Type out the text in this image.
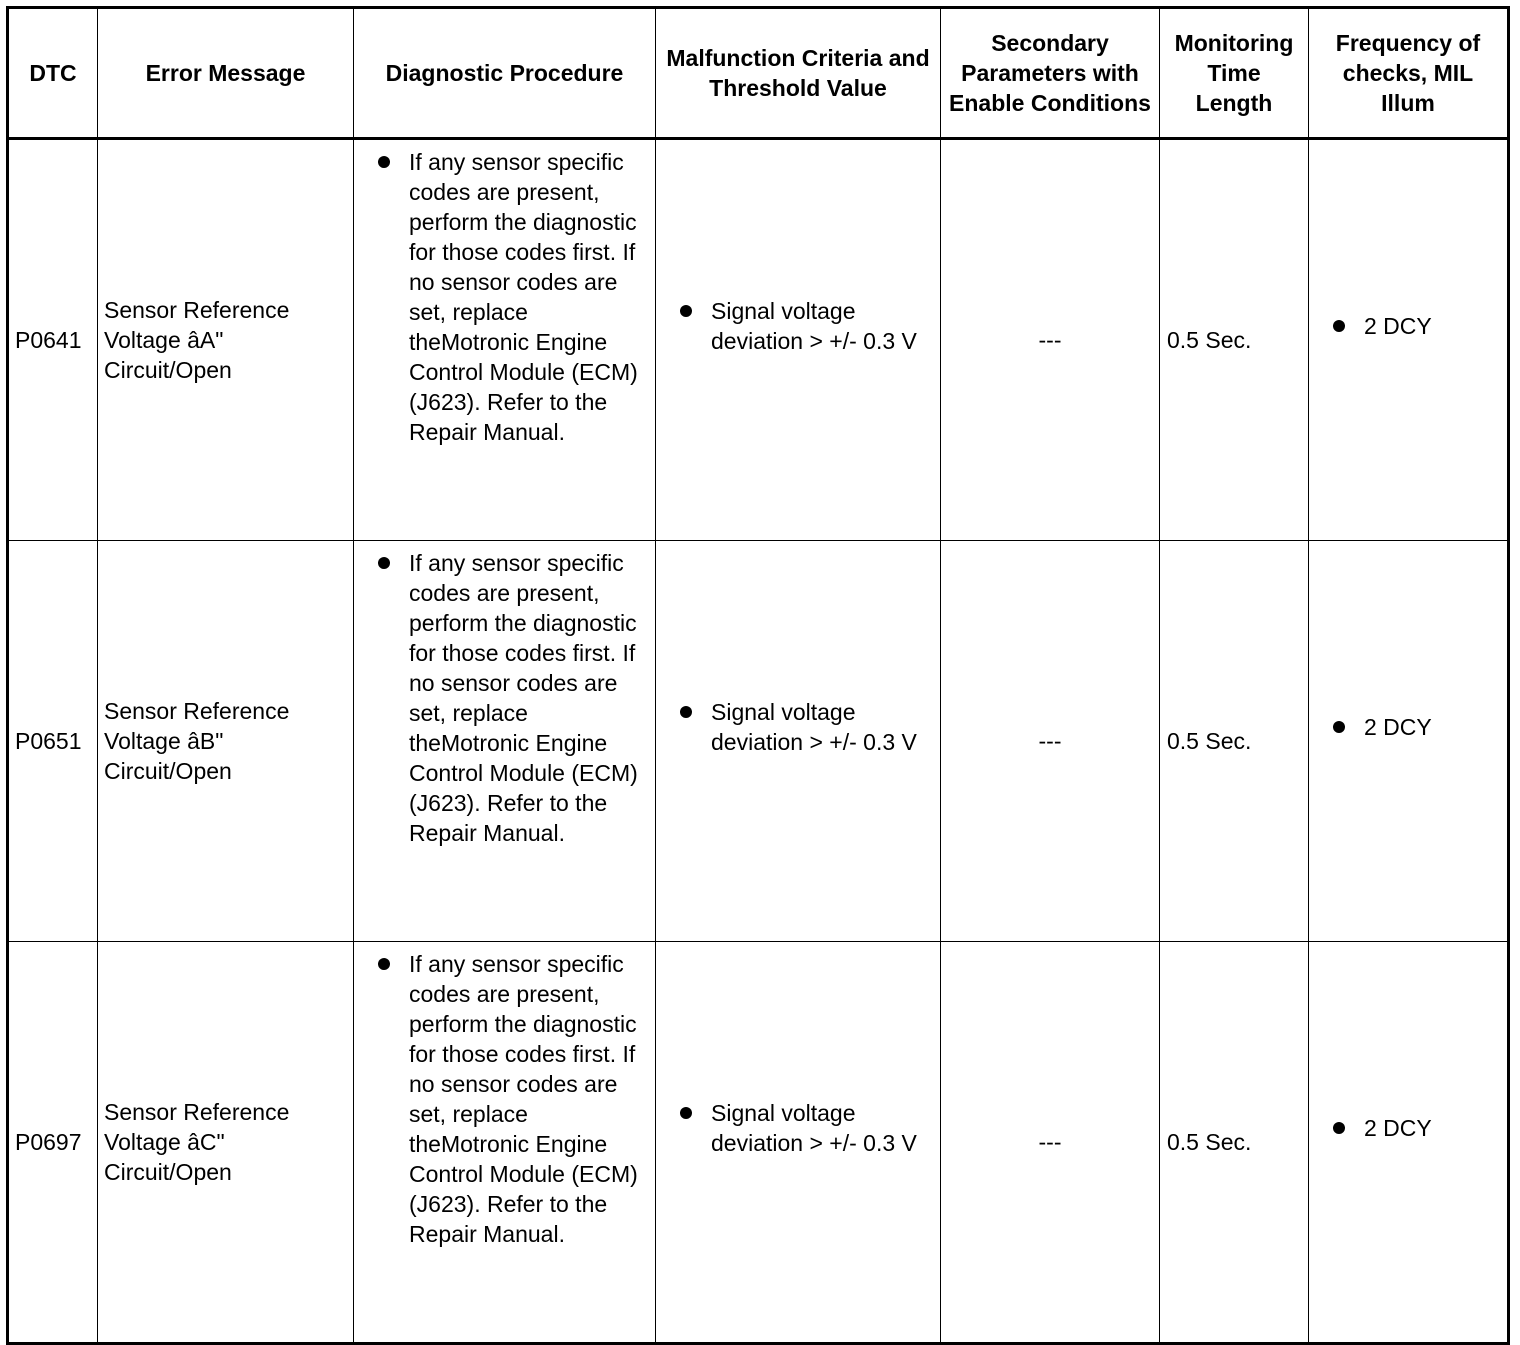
DTC	Error Message	Diagnostic Procedure	Malfunction Criteria and Threshold Value	Secondary Parameters with Enable Conditions	Monitoring Time Length	Frequency of checks, MIL Illum
P0641	Sensor Reference Voltage âA" Circuit/Open	If any sensor specific codes are present, perform the diagnostic for those codes first. If no sensor codes are set, replace theMotronic Engine Control Module (ECM) (J623). Refer to the Repair Manual.	Signal voltage deviation > +/- 0.3 V	---	0.5 Sec.	2 DCY

P0651	Sensor Reference Voltage âB" Circuit/Open	If any sensor specific codes are present, perform the diagnostic for those codes first. If no sensor codes are set, replace theMotronic Engine Control Module (ECM) (J623). Refer to the Repair Manual.	Signal voltage deviation > +/- 0.3 V	---	0.5 Sec.	2 DCY

P0697	Sensor Reference Voltage âC" Circuit/Open	If any sensor specific codes are present, perform the diagnostic for those codes first. If no sensor codes are set, replace theMotronic Engine Control Module (ECM) (J623). Refer to the Repair Manual.	Signal voltage deviation > +/- 0.3 V	---	0.5 Sec.	2 DCY
